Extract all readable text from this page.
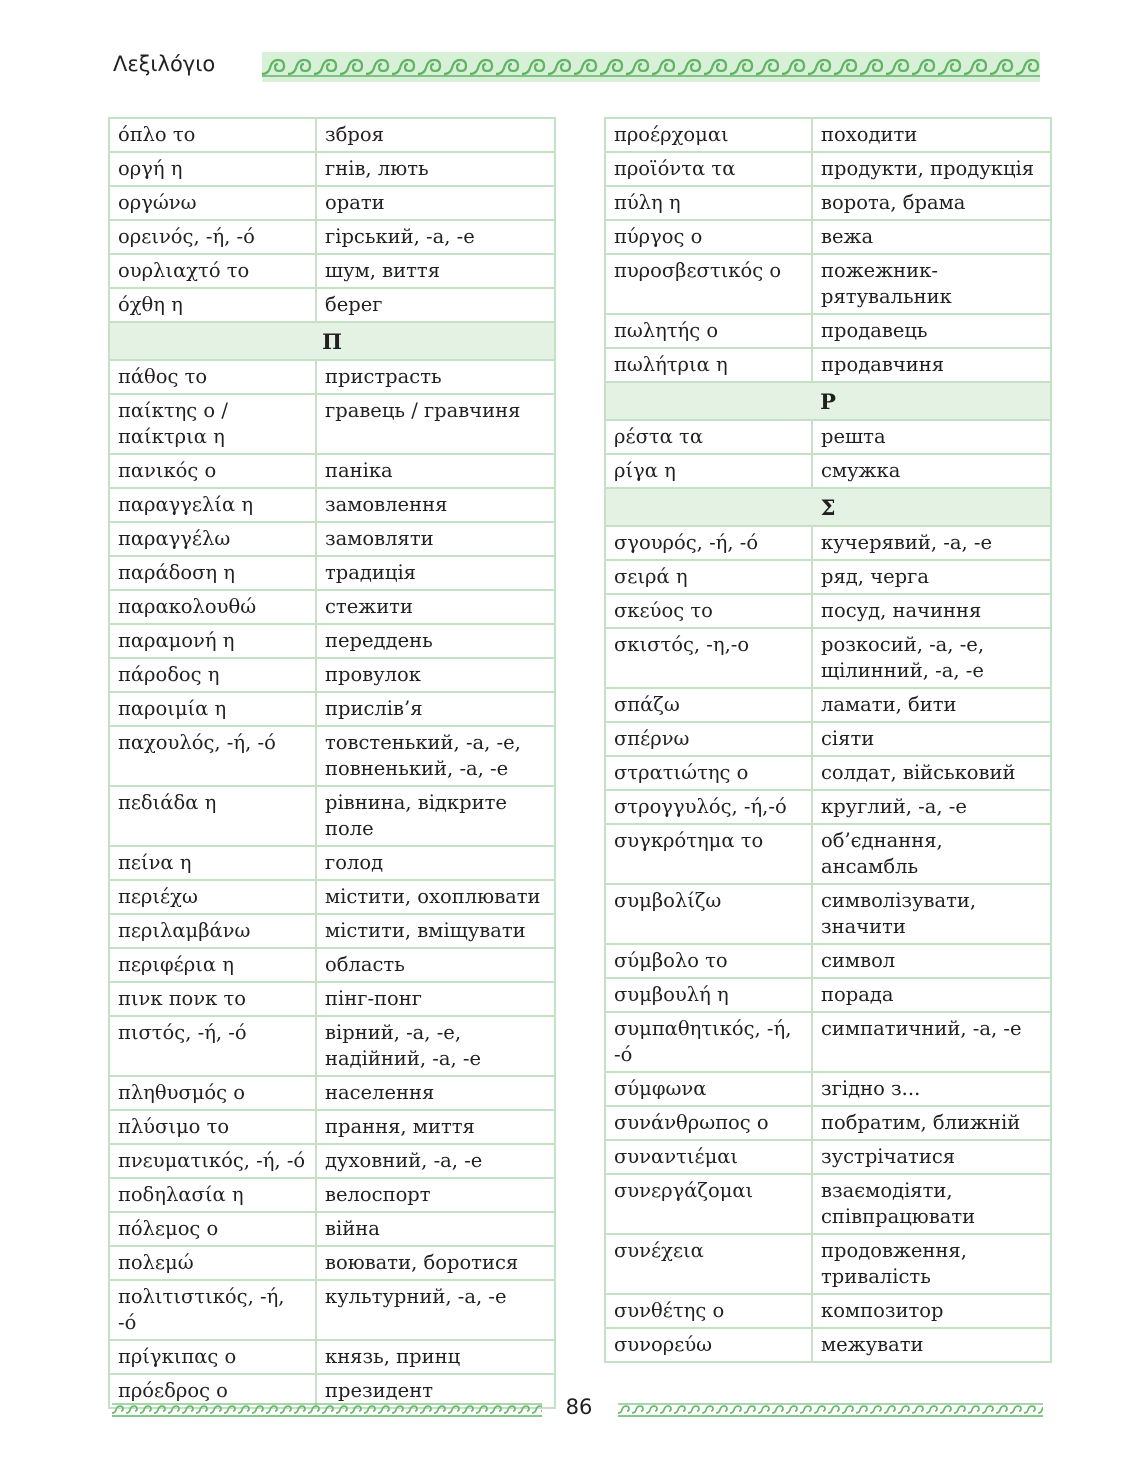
Λεξιλόγιο
όπλο το	зброя
οργή η	гнів, лють
οργώνω	орати
ορεινός, -ή, -ό	гірський, -а, -е
ουρλιαχτό το	шум, виття
όχθη η	берег
Π	
πάθος το	пристрасть
παίκτης ο / παίκτρια η	гравець / гравчиня
πανικός ο	паніка
παραγγελία η	замовлення
παραγγέλω	замовляти
παράδοση η	традиція
παρακολουθώ	стежити
παραμονή η	переддень
πάροδος η	провулок
παροιμία η	прислів’я
παχουλός, -ή, -ό	товстенький, -а, -е, повненький, -а, -е
πεδιάδα η	рівнина, відкрите поле
πείνα η	голод
περιέχω	містити, охоплювати
περιλαμβάνω	містити, вміщувати
περιφέρια η	область
πινκ πονκ το	пінг-понг
πιστός, -ή, -ό	вірний, -а, -е, надійний, -а, -е
πληθυσμός ο	населення
πλύσιμο το	прання, миття
πνευματικός, -ή, -ό	духовний, -а, -е
ποδηλασία η	велоспорт
πόλεμος ο	війна
πολεμώ	воювати, боротися
πολιτιστικός, -ή, -ό	культурний, -а, -е
πρίγκιπας ο	князь, принц
πρόεδρος ο	президент
προέρχομαι	походити
προϊόντα τα	продукти, продукція
πύλη η	ворота, брама
πύργος ο	вежа
πυροσβεστικός ο	пожежник-рятувальник
πωλητής ο	продавець
πωλήτρια η	продавчиня
Ρ	
ρέστα τα	решта
ρίγα η	смужка
Σ	
σγουρός, -ή, -ό	кучерявий, -а, -е
σειρά η	ряд, черга
σκεύος το	посуд, начиння
σκιστός, -η,-ο	розкосий, -а, -е, щілинний, -а, -е
σπάζω	ламати, бити
σπέρνω	сіяти
στρατιώτης ο	солдат, військовий
στρογγυλός, -ή,-ό	круглий, -а, -е
συγκρότημα το	об’єднання, ансамбль
συμβολίζω	символізувати, значити
σύμβολο το	символ
συμβουλή η	порада
συμπαθητικός, -ή, -ό	симпатичний, -а, -е
σύμφωνα	згідно з...
συνάνθρωπος ο	побратим, ближній
συναντιέμαι	зустрічатися
συνεργάζομαι	взаємодіяти, співпрацювати
συνέχεια	продовження, тривалість
συνθέτης ο	композитор
συνορεύω	межувати
86
